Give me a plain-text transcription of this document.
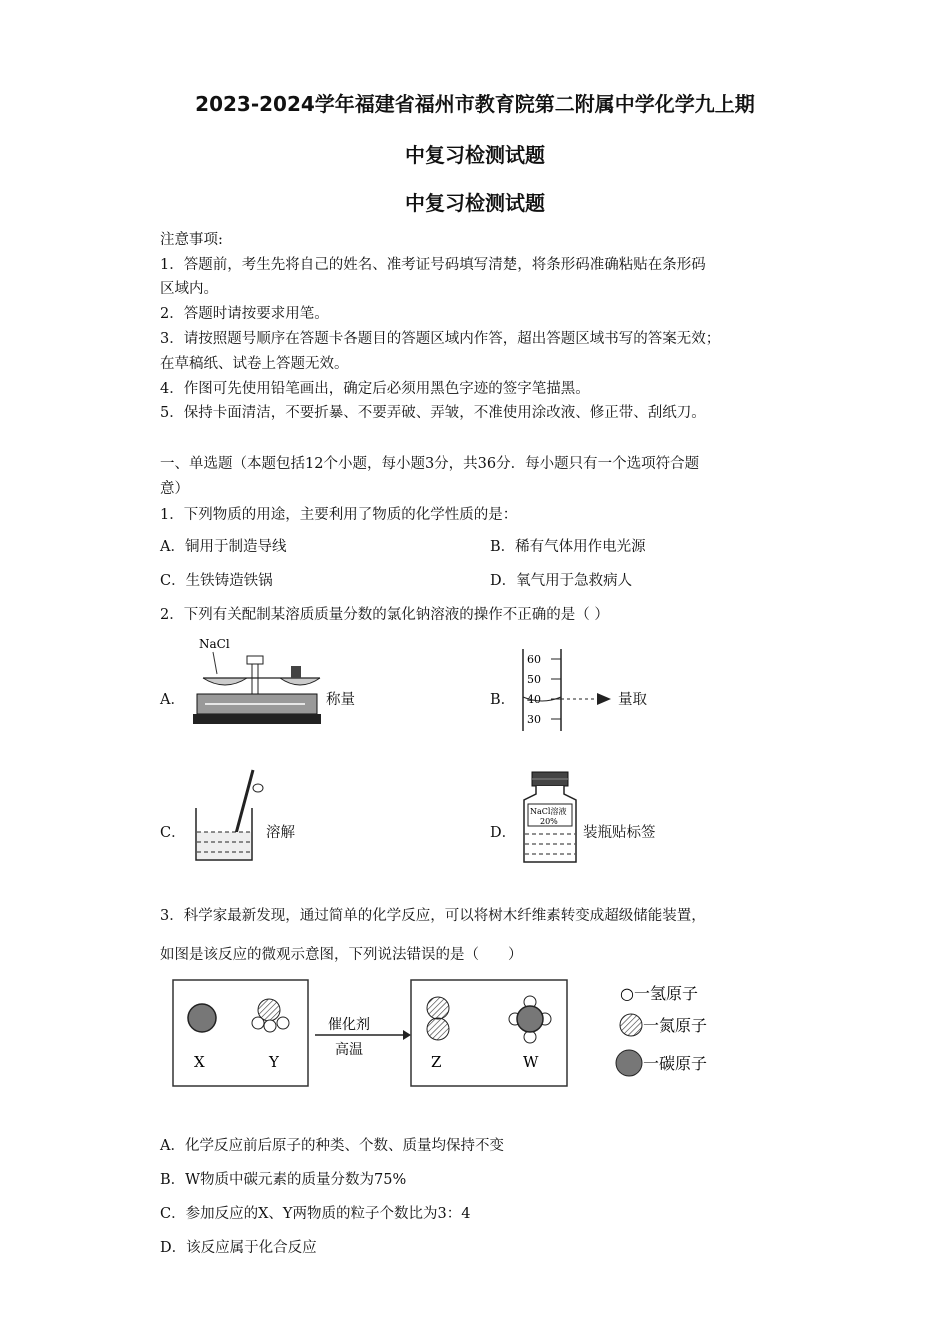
2023-2024学年福建省福州市教育院第二附属中学化学九上期
中复习检测试题
中复习检测试题
注意事项:
1．答题前，考生先将自己的姓名、准考证号码填写清楚，将条形码准确粘贴在条形码
区域内。
2．答题时请按要求用笔。
3．请按照题号顺序在答题卡各题目的答题区域内作答，超出答题区域书写的答案无效；
在草稿纸、试卷上答题无效。
4．作图可先使用铅笔画出，确定后必须用黑色字迹的签字笔描黑。
5．保持卡面清洁，不要折暴、不要弄破、弄皱，不准使用涂改液、修正带、刮纸刀。
一、单选题（本题包括12个小题，每小题3分，共36分．每小题只有一个选项符合题
意）
1．下列物质的用途，主要利用了物质的化学性质的是：
A．铜用于制造导线	B．稀有气体用作电光源
C．生铁铸造铁锅	D．氧气用于急救病人
2．下列有关配制某溶质质量分数的氯化钠溶液的操作不正确的是（ ）
A．
NaCl
称量	B．
60
50
40
30
量取
C．	溶解	D．
NaCl溶液
20%
装瓶贴标签
3．科学家最新发现，通过简单的化学反应，可以将树木纤维素转变成超级储能装置，
如图是该反应的微观示意图，下列说法错误的是（　　）
X	Y
催化剂
高温
Z	W
○一氢原子
一氮原子
一碳原子
A．化学反应前后原子的种类、个数、质量均保持不变
B．W物质中碳元素的质量分数为75%
C．参加反应的X、Y两物质的粒子个数比为3：4
D．该反应属于化合反应
